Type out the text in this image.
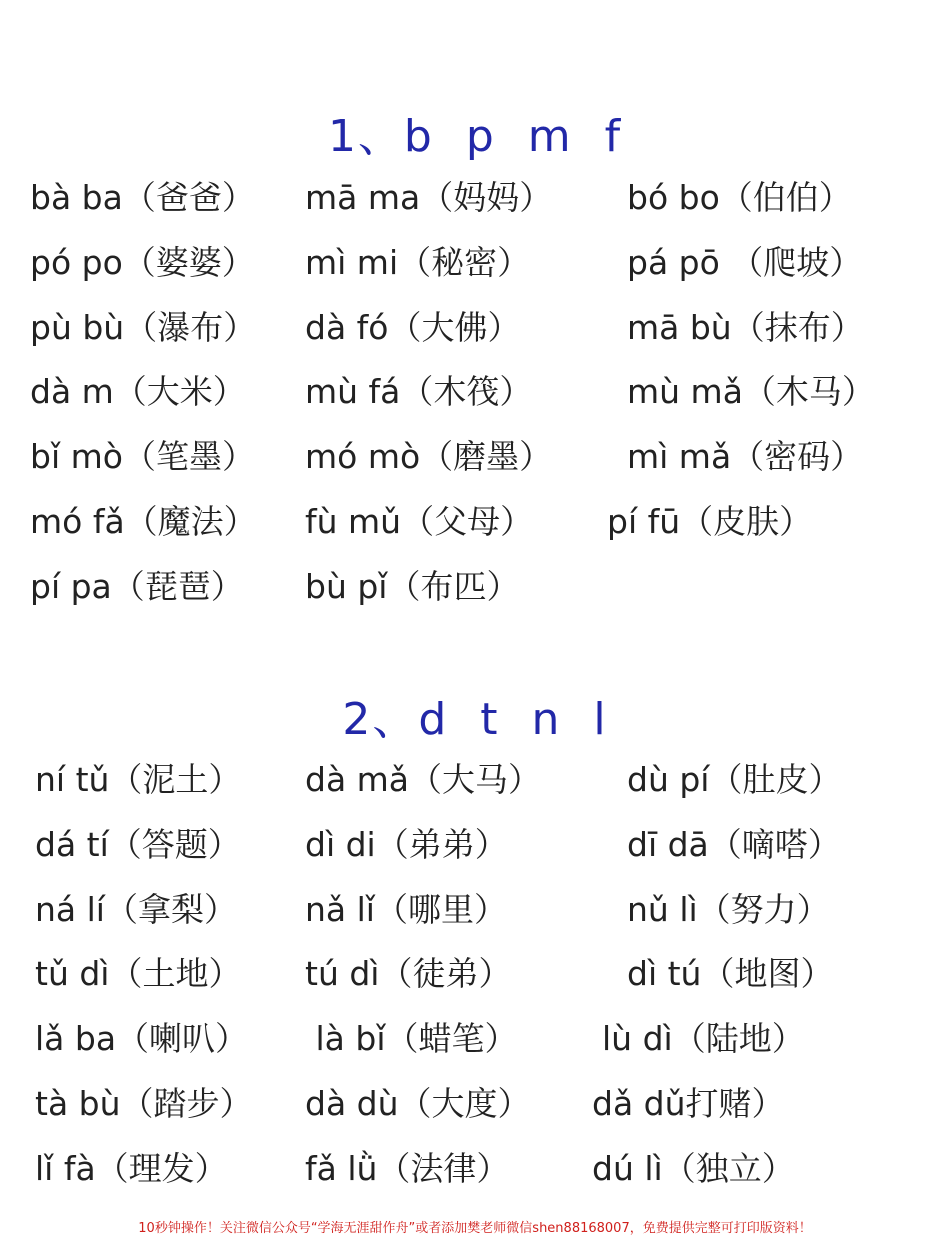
1、b  p  m  f
bà ba（爸爸） mā ma（妈妈） bó bo（伯伯）
pó po（婆婆） mì mi（秘密）	pá pō （爬坡）
pù bù（瀑布） dà fó（大佛）	mā bù（抹布）
dà m（大米） mù fá（木筏）	mù mǎ（木马）
bǐ mò（笔墨） mó mò（磨墨） mì mǎ（密码）
mó fǎ（魔法） fù mǔ（父母） pí fū（皮肤）
pí pa（琵琶） bù pǐ（布匹）
2、d  t  n  l
ní tǔ（泥土） dà mǎ（大马）	dù pí（肚皮）
dá tí（答题） dì di（弟弟）	dī dā（嘀嗒）
ná lí（拿梨） nǎ lǐ（哪里）	nǔ lì（努力）
tǔ dì（土地） tú dì（徒弟）	dì tú（地图）
lǎ ba（喇叭） là bǐ（蜡笔）	lù dì（陆地）
tà bù（踏步） dà dù（大度） dǎ dǔ打赌）
lǐ fà（理发） fǎ lǜ（法律）	dú lì（独立）
10秒钟操作！关注微信公众号“学海无涯甜作舟”或者添加樊老师微信shen88168007，免费提供完整可打印版资料！
